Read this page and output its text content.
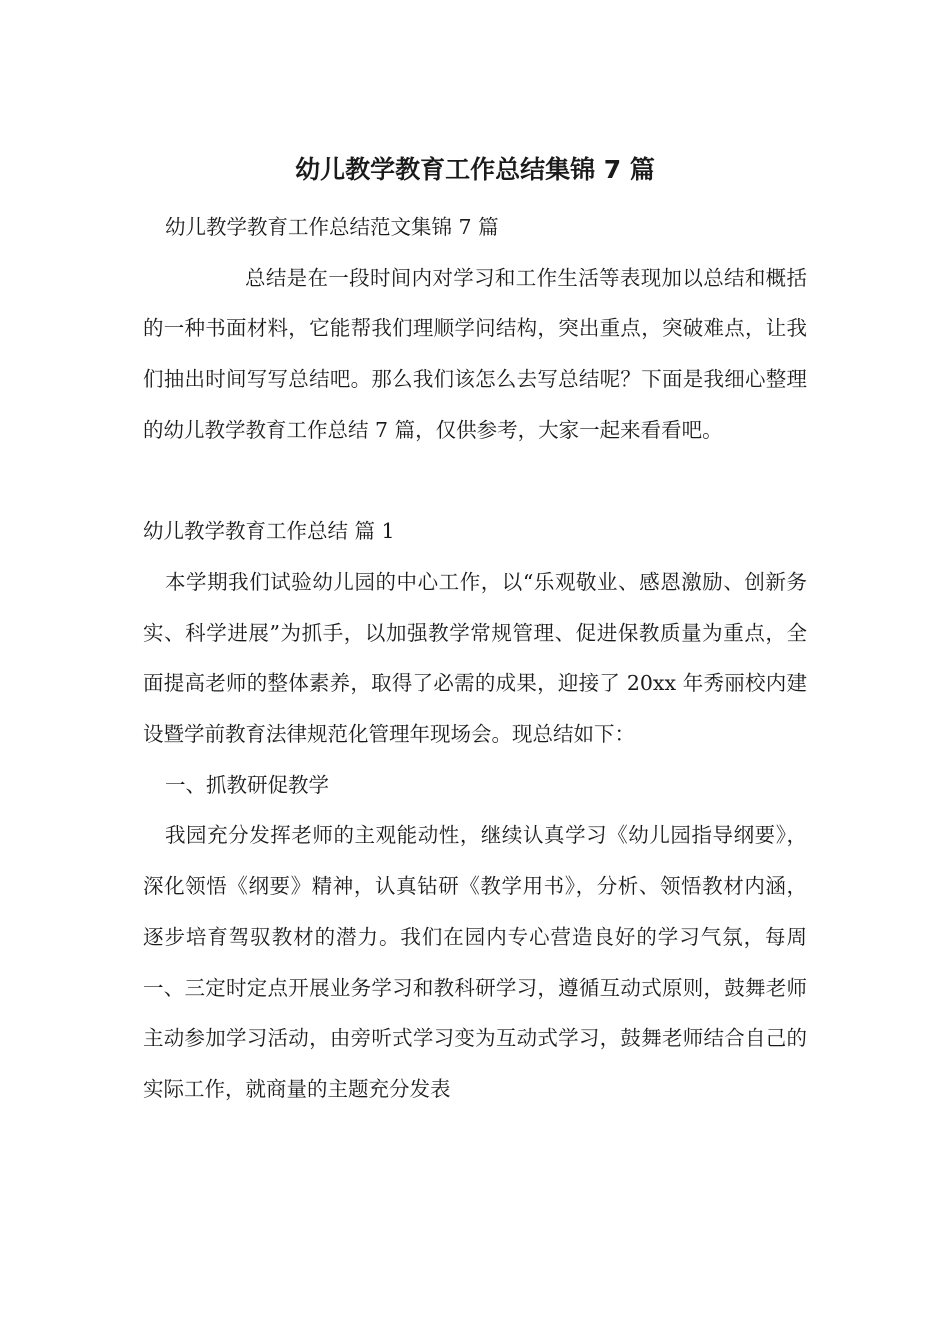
幼儿教学教育工作总结集锦 7 篇

幼儿教学教育工作总结范文集锦 7 篇

总结是在一段时间内对学习和工作生活等表现加以总结和概括的一种书面材料，它能帮我们理顺学问结构，突出重点，突破难点，让我们抽出时间写写总结吧。那么我们该怎么去写总结呢？下面是我细心整理的幼儿教学教育工作总结 7 篇，仅供参考，大家一起来看看吧。

幼儿教学教育工作总结 篇 1

本学期我们试验幼儿园的中心工作，以“乐观敬业、感恩激励、创新务实、科学进展”为抓手，以加强教学常规管理、促进保教质量为重点，全面提高老师的整体素养，取得了必需的成果，迎接了 20xx 年秀丽校内建设暨学前教育法律规范化管理年现场会。现总结如下：

一、抓教研促教学

我园充分发挥老师的主观能动性，继续认真学习《幼儿园指导纲要》，深化领悟《纲要》精神，认真钻研《教学用书》，分析、领悟教材内涵，逐步培育驾驭教材的潜力。我们在园内专心营造良好的学习气氛，每周一、三定时定点开展业务学习和教科研学习，遵循互动式原则，鼓舞老师主动参加学习活动，由旁听式学习变为互动式学习，鼓舞老师结合自己的实际工作，就商量的主题充分发表
